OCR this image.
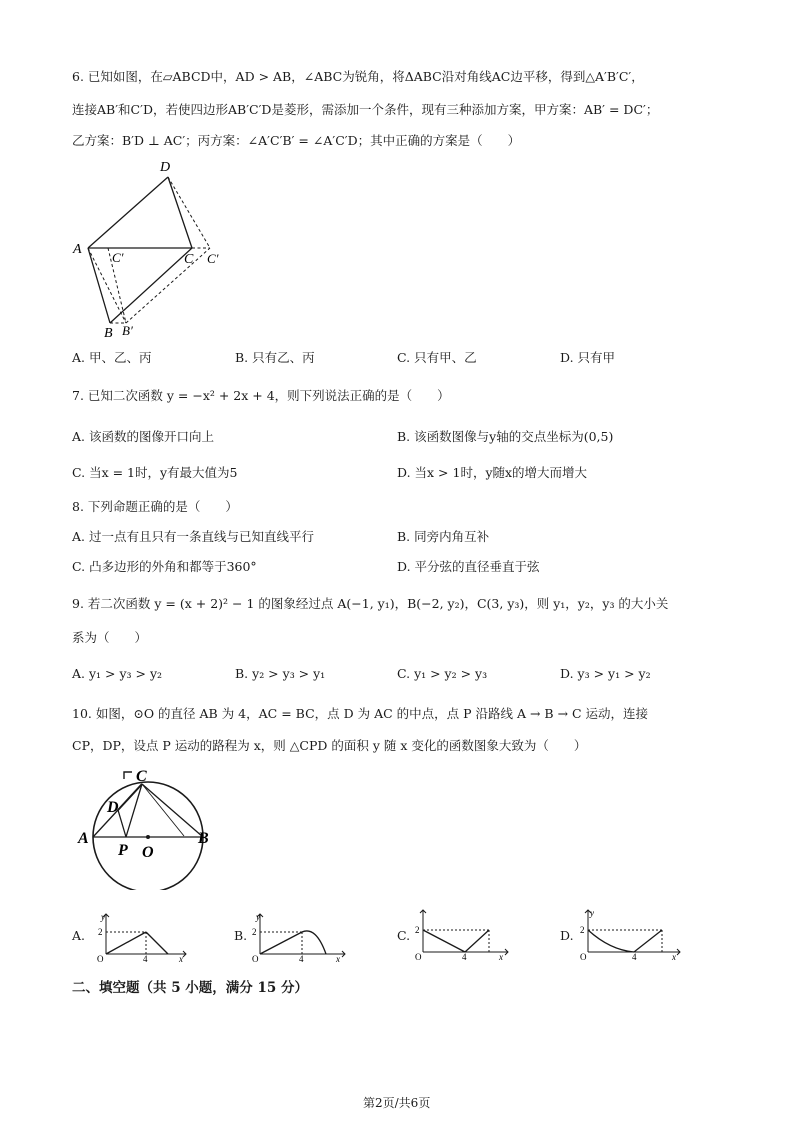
6. 已知如图，在▱ABCD中，AD > AB，∠ABC为锐角，将ΔABC沿对角线AC边平移，得到△A′B′C′，
连接AB′和C′D，若使四边形AB′C′D是菱形，需添加一个条件，现有三种添加方案，甲方案：AB′ = DC′；
乙方案：B′D ⊥ AC′；丙方案：∠A′C′B′ = ∠A′C′D；其中正确的方案是（　　）
D
A
C′	C C′
B B′
A. 甲、乙、丙	B. 只有乙、丙	C. 只有甲、乙	D. 只有甲
7. 已知二次函数 y = −x² + 2x + 4，则下列说法正确的是（　　）
A. 该函数的图像开口向上	B. 该函数图像与y轴的交点坐标为(0,5)
C. 当x = 1时，y有最大值为5	D. 当x > 1时，y随x的增大而增大
8. 下列命题正确的是（　　）
A. 过一点有且只有一条直线与已知直线平行	B. 同旁内角互补
C. 凸多边形的外角和都等于360°	D. 平分弦的直径垂直于弦
9. 若二次函数 y = (x + 2)² − 1 的图象经过点 A(−1, y₁)，B(−2, y₂)，C(3, y₃)，则 y₁，y₂，y₃ 的大小关
系为（　　）
A. y₁ > y₃ > y₂	B. y₂ > y₃ > y₁	C. y₁ > y₂ > y₃	D. y₃ > y₁ > y₂
10. 如图，⊙O 的直径 AB 为 4，AC = BC，点 D 为 AC 的中点，点 P 沿路线 A → B → C 运动，连接
CP，DP，设点 P 运动的路程为 x，则 △CPD 的面积 y 随 x 变化的函数图象大致为（　　）
C
D
A
P O
B
A.
y
2
O	4	x
B.
y
2
O	4	x
C. 2
O	4	x
D.
y
2
O	4	x
二、填空题（共 5 小题，满分 15 分）
第2页/共6页
